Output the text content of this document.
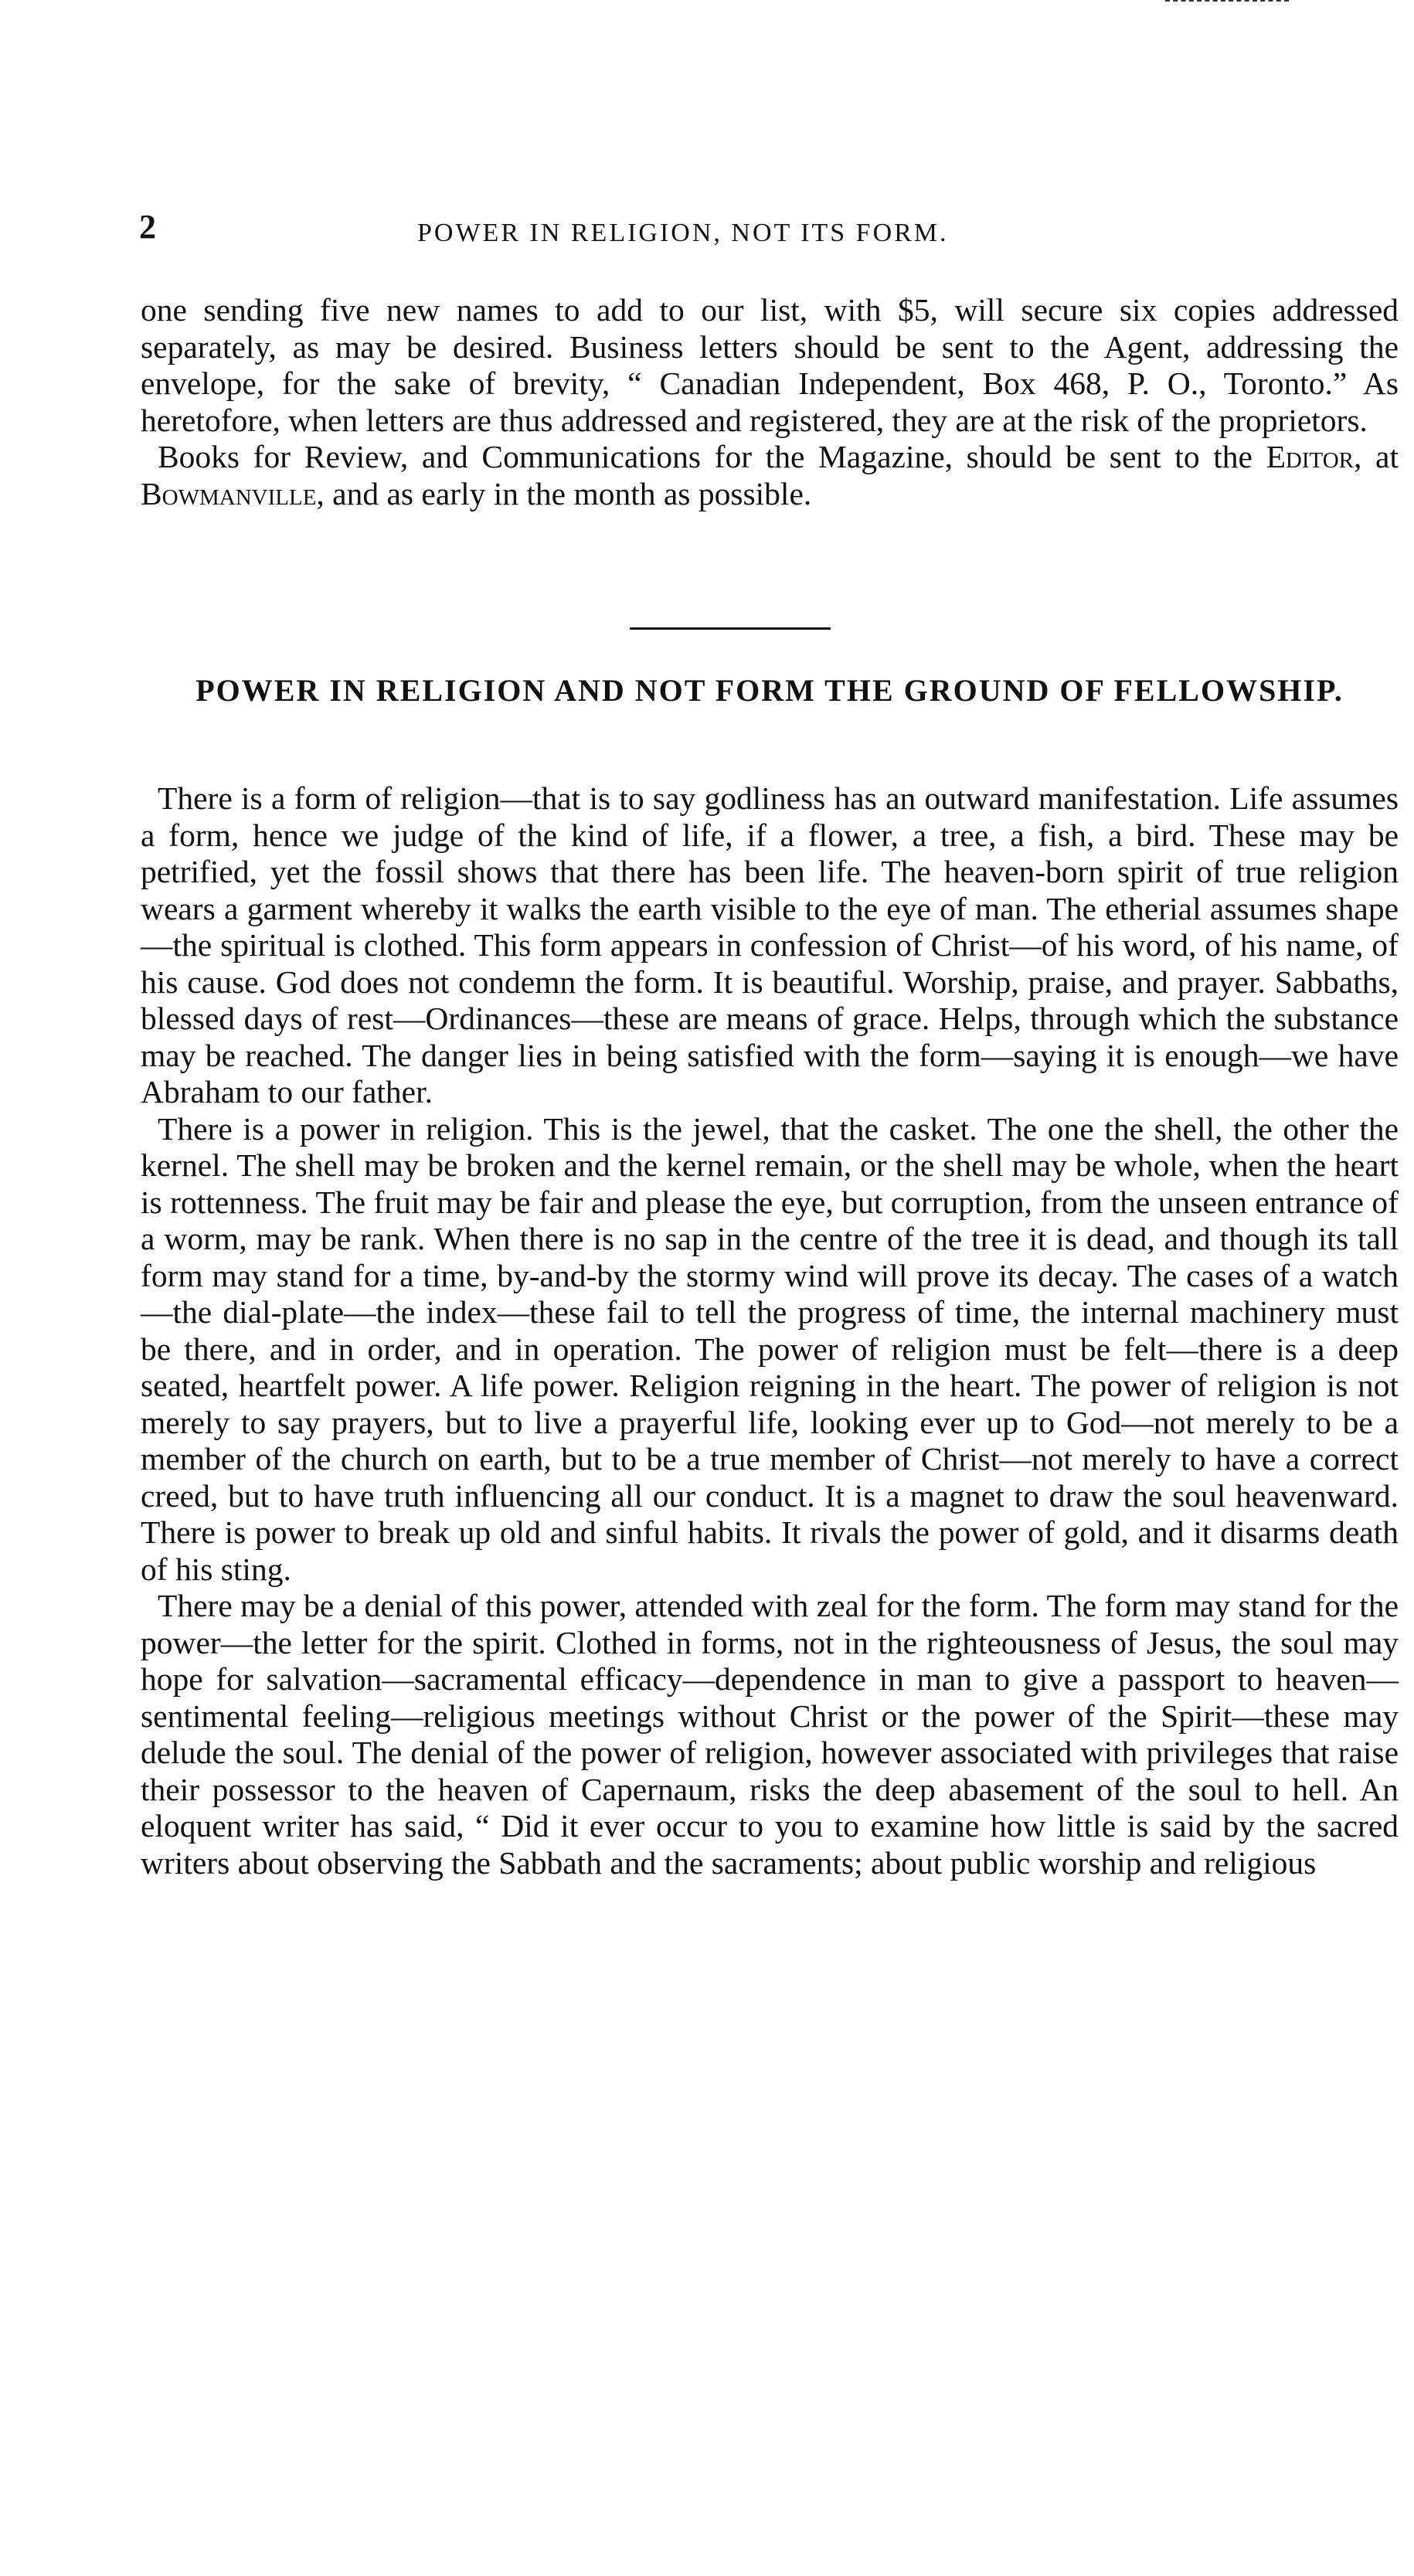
2	POWER IN RELIGION, NOT ITS FORM.

one sending five new names to add to our list, with $5, will secure six copies addressed separately, as may be desired. Business letters should be sent to the Agent, addressing the envelope, for the sake of brevity, “ Canadian Independent, Box 468, P. O., Toronto.” As heretofore, when letters are thus addressed and registered, they are at the risk of the proprietors.

Books for Review, and Communications for the Magazine, should be sent to the Editor, at Bowmanville, and as early in the month as possible.

POWER IN RELIGION AND NOT FORM THE GROUND OF FELLOWSHIP.

There is a form of religion—that is to say godliness has an outward manifestation. Life assumes a form, hence we judge of the kind of life, if a flower, a tree, a fish, a bird. These may be petrified, yet the fossil shows that there has been life. The heaven-born spirit of true religion wears a garment whereby it walks the earth visible to the eye of man. The etherial assumes shape—the spiritual is clothed. This form appears in confession of Christ—of his word, of his name, of his cause. God does not condemn the form. It is beautiful. Worship, praise, and prayer. Sabbaths, blessed days of rest—Ordinances—these are means of grace. Helps, through which the substance may be reached. The danger lies in being satisfied with the form—saying it is enough—we have Abraham to our father.

There is a power in religion. This is the jewel, that the casket. The one the shell, the other the kernel. The shell may be broken and the kernel remain, or the shell may be whole, when the heart is rottenness. The fruit may be fair and please the eye, but corruption, from the unseen entrance of a worm, may be rank. When there is no sap in the centre of the tree it is dead, and though its tall form may stand for a time, by-and-by the stormy wind will prove its decay. The cases of a watch—the dial-plate—the index—these fail to tell the progress of time, the internal machinery must be there, and in order, and in operation. The power of religion must be felt—there is a deep seated, heartfelt power. A life power. Religion reigning in the heart. The power of religion is not merely to say prayers, but to live a prayerful life, looking ever up to God—not merely to be a member of the church on earth, but to be a true member of Christ—not merely to have a correct creed, but to have truth influencing all our conduct. It is a magnet to draw the soul heavenward. There is power to break up old and sinful habits. It rivals the power of gold, and it disarms death of his sting.

There may be a denial of this power, attended with zeal for the form. The form may stand for the power—the letter for the spirit. Clothed in forms, not in the righteousness of Jesus, the soul may hope for salvation—sacramental efficacy—dependence in man to give a passport to heaven—sentimental feeling—religious meetings without Christ or the power of the Spirit—these may delude the soul. The denial of the power of religion, however associated with privileges that raise their possessor to the heaven of Capernaum, risks the deep abasement of the soul to hell. An eloquent writer has said, “ Did it ever occur to you to examine how little is said by the sacred writers about observing the Sabbath and the sacraments; about public worship and religious
